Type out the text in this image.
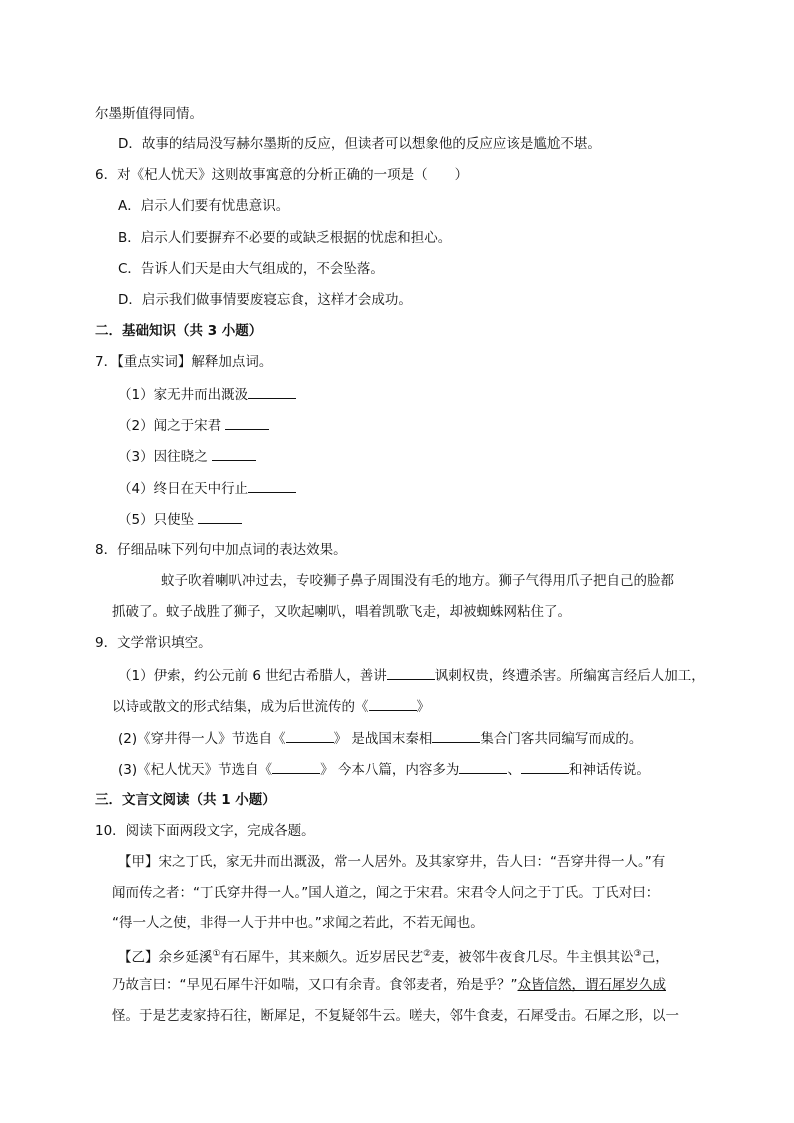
尔墨斯值得同情。
D．故事的结局没写赫尔墨斯的反应，但读者可以想象他的反应应该是尴尬不堪。
6．对《杞人忧天》这则故事寓意的分析正确的一项是（　　）
A．启示人们要有忧患意识。
B．启示人们要摒弃不必要的或缺乏根据的忧虑和担心。
C．告诉人们天是由大气组成的，不会坠落。
D．启示我们做事情要废寝忘食，这样才会成功。
二．基础知识（共 3 小题）
7．【重点实词】解释加点词。
（1）家无井而出溉汲
（2）闻之于宋君
（3）因往晓之
（4）终日在天中行止
（5）只使坠
8．仔细品味下列句中加点词的表达效果。
蚊子吹着喇叭冲过去，专咬狮子鼻子周围没有毛的地方。狮子气得用爪子把自己的脸都
抓破了。蚊子战胜了狮子，又吹起喇叭，唱着凯歌飞走，却被蜘蛛网粘住了。
9．文学常识填空。
（1）伊索，约公元前 6 世纪古希腊人，善讲	讽刺权贵，终遭杀害。所编寓言经后人加工，
以诗或散文的形式结集，成为后世流传的《	》
(2)《穿井得一人》节选自《	》 是战国末秦相	集合门客共同编写而成的。
(3)《杞人忧天》节选自《	》 今本八篇，内容多为	、	和神话传说。
三．文言文阅读（共 1 小题）
10．阅读下面两段文字，完成各题。
【甲】宋之丁氏，家无井而出溉汲，常一人居外。及其家穿井，告人曰：“吾穿井得一人。”有
闻而传之者：“丁氏穿井得一人。”国人道之，闻之于宋君。宋君令人问之于丁氏。丁氏对曰：
“得一人之使，非得一人于井中也。”求闻之若此，不若无闻也。
【乙】余乡延溪①有石犀牛，其来颇久。近岁居民艺②麦，被邻牛夜食几尽。牛主惧其讼③己，
乃故言曰：“早见石犀牛汗如喘，又口有余青。食邻麦者，殆是乎？”众皆信然，谓石犀岁久成
怪。于是艺麦家持石往，断犀足，不复疑邻牛云。嗟夫，邻牛食麦，石犀受击。石犀之形，以一
